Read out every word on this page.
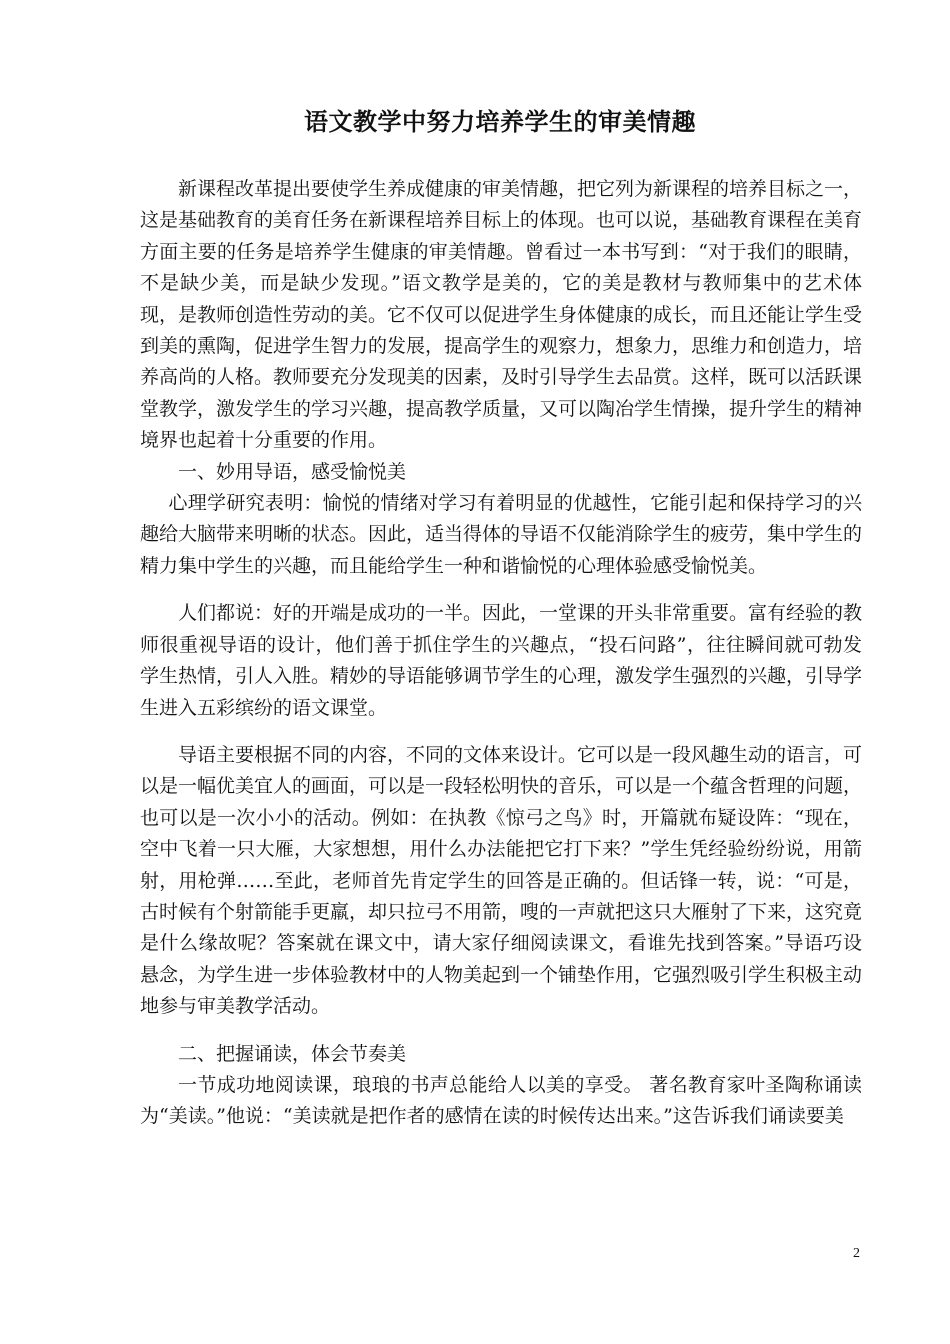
语文教学中努力培养学生的审美情趣

新课程改革提出要使学生养成健康的审美情趣，把它列为新课程的培养目标之一，这是基础教育的美育任务在新课程培养目标上的体现。也可以说，基础教育课程在美育方面主要的任务是培养学生健康的审美情趣。曾看过一本书写到：“对于我们的眼睛，不是缺少美，而是缺少发现。”语文教学是美的，它的美是教材与教师集中的艺术体现，是教师创造性劳动的美。它不仅可以促进学生身体健康的成长，而且还能让学生受到美的熏陶，促进学生智力的发展，提高学生的观察力，想象力，思维力和创造力，培养高尚的人格。教师要充分发现美的因素，及时引导学生去品赏。这样，既可以活跃课堂教学，激发学生的学习兴趣，提高教学质量，又可以陶冶学生情操，提升学生的精神境界也起着十分重要的作用。

一、妙用导语，感受愉悦美

心理学研究表明：愉悦的情绪对学习有着明显的优越性，它能引起和保持学习的兴趣给大脑带来明晰的状态。因此，适当得体的导语不仅能消除学生的疲劳，集中学生的精力集中学生的兴趣，而且能给学生一种和谐愉悦的心理体验感受愉悦美。

人们都说：好的开端是成功的一半。因此，一堂课的开头非常重要。富有经验的教师很重视导语的设计，他们善于抓住学生的兴趣点，“投石问路”，往往瞬间就可勃发学生热情，引人入胜。精妙的导语能够调节学生的心理，激发学生强烈的兴趣，引导学生进入五彩缤纷的语文课堂。

导语主要根据不同的内容，不同的文体来设计。它可以是一段风趣生动的语言，可以是一幅优美宜人的画面，可以是一段轻松明快的音乐，可以是一个蕴含哲理的问题，也可以是一次小小的活动。例如：在执教《惊弓之鸟》时，开篇就布疑设阵：“现在，空中飞着一只大雁，大家想想，用什么办法能把它打下来？”学生凭经验纷纷说，用箭射，用枪弹……至此，老师首先肯定学生的回答是正确的。但话锋一转，说：“可是，古时候有个射箭能手更羸，却只拉弓不用箭，嗖的一声就把这只大雁射了下来，这究竟是什么缘故呢？答案就在课文中，请大家仔细阅读课文，看谁先找到答案。”导语巧设悬念，为学生进一步体验教材中的人物美起到一个铺垫作用，它强烈吸引学生积极主动地参与审美教学活动。

二、把握诵读，体会节奏美

一节成功地阅读课，琅琅的书声总能给人以美的享受。 著名教育家叶圣陶称诵读为“美读。”他说：“美读就是把作者的感情在读的时候传达出来。”这告诉我们诵读要美

2
